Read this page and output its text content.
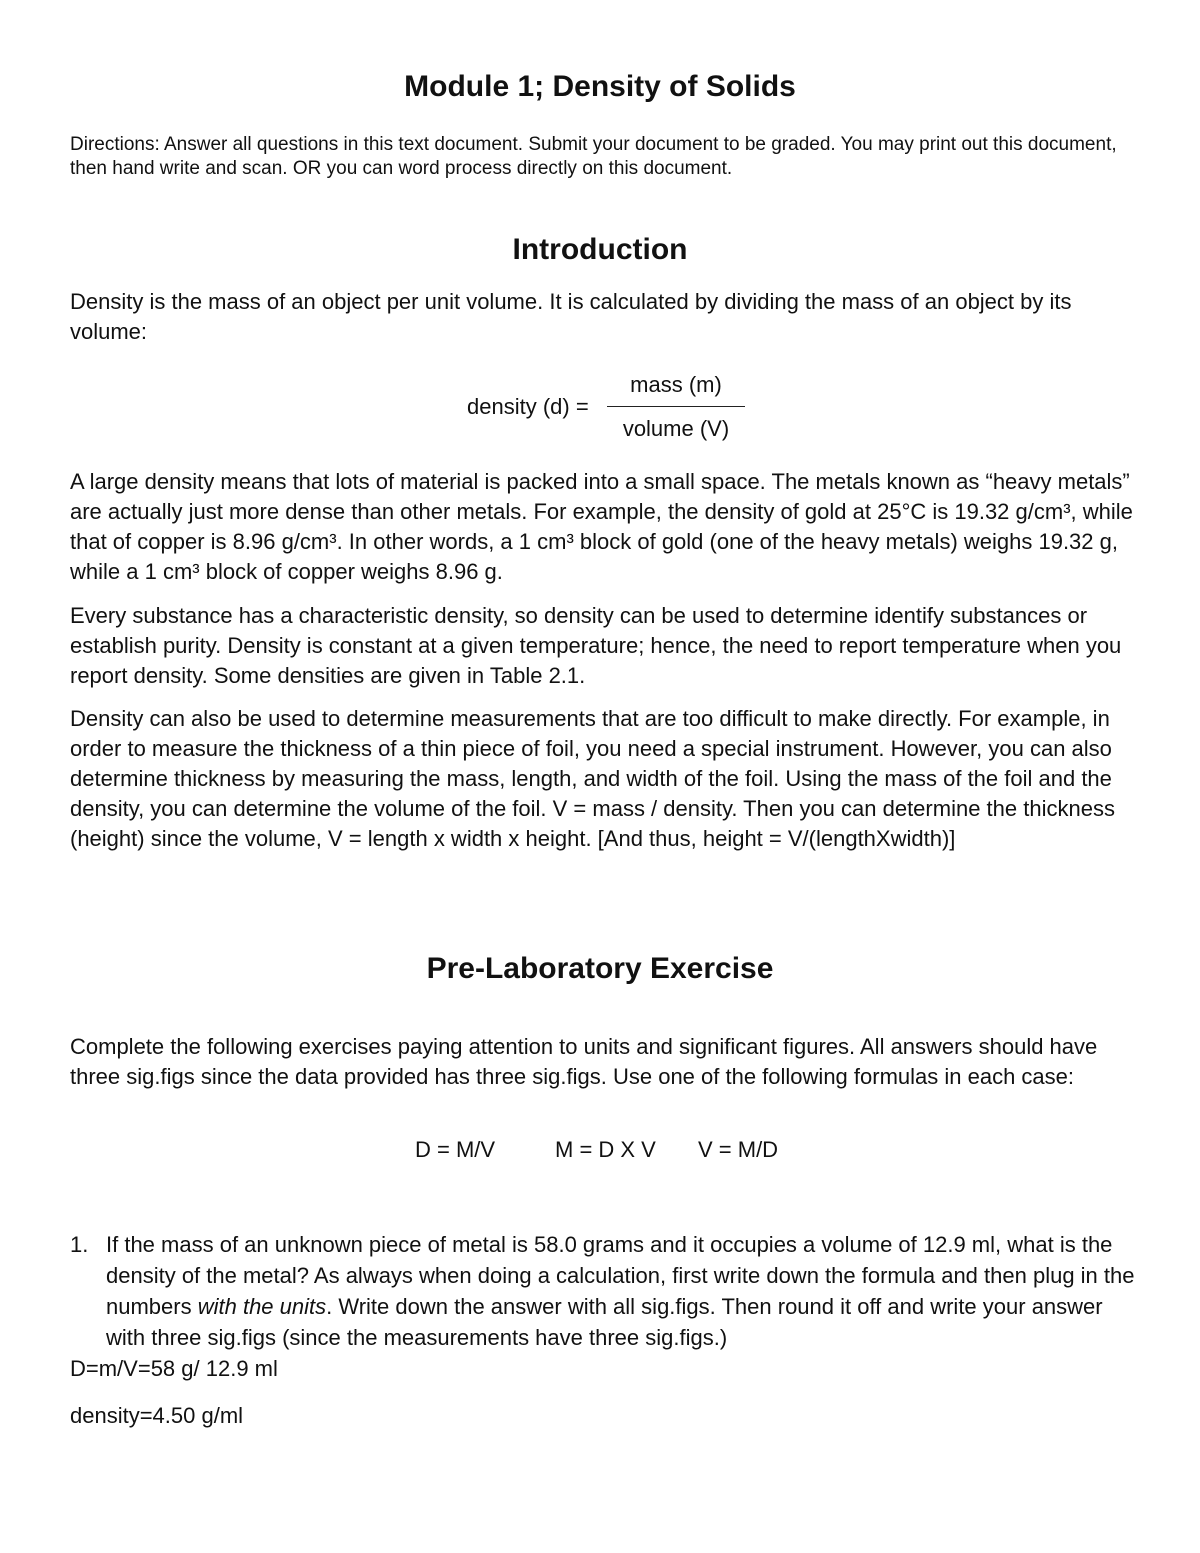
Module 1; Density of Solids

Directions: Answer all questions in this text document. Submit your document to be graded. You may print out this document, then hand write and scan. OR you can word process directly on this document.

Introduction

Density is the mass of an object per unit volume. It is calculated by dividing the mass of an object by its volume:

density (d) =
mass (m)
volume (V)

A large density means that lots of material is packed into a small space. The metals known as “heavy metals” are actually just more dense than other metals. For example, the density of gold at 25°C is 19.32 g/cm³, while that of copper is 8.96 g/cm³. In other words, a 1 cm³ block of gold (one of the heavy metals) weighs 19.32 g, while a 1 cm³ block of copper weighs 8.96 g.

Every substance has a characteristic density, so density can be used to determine identify substances or establish purity. Density is constant at a given temperature; hence, the need to report temperature when you report density. Some densities are given in Table 2.1.

Density can also be used to determine measurements that are too difficult to make directly. For example, in order to measure the thickness of a thin piece of foil, you need a special instrument. However, you can also determine thickness by measuring the mass, length, and width of the foil. Using the mass of the foil and the density, you can determine the volume of the foil. V = mass / density. Then you can determine the thickness (height) since the volume, V = length x width x height. [And thus, height = V/(lengthXwidth)]

Pre-Laboratory Exercise

Complete the following exercises paying attention to units and significant figures. All answers should have three sig.figs since the data provided has three sig.figs. Use one of the following formulas in each case:

D = M/V	M = D X V V = M/D
1. If the mass of an unknown piece of metal is 58.0 grams and it occupies a volume of 12.9 ml, what is the density of the metal? As always when doing a calculation, first write down the formula and then plug in the numbers with the units. Write down the answer with all sig.figs. Then round it off and write your answer with three sig.figs (since the measurements have three sig.figs.)

D=m/V=58 g/ 12.9 ml

density=4.50 g/ml
